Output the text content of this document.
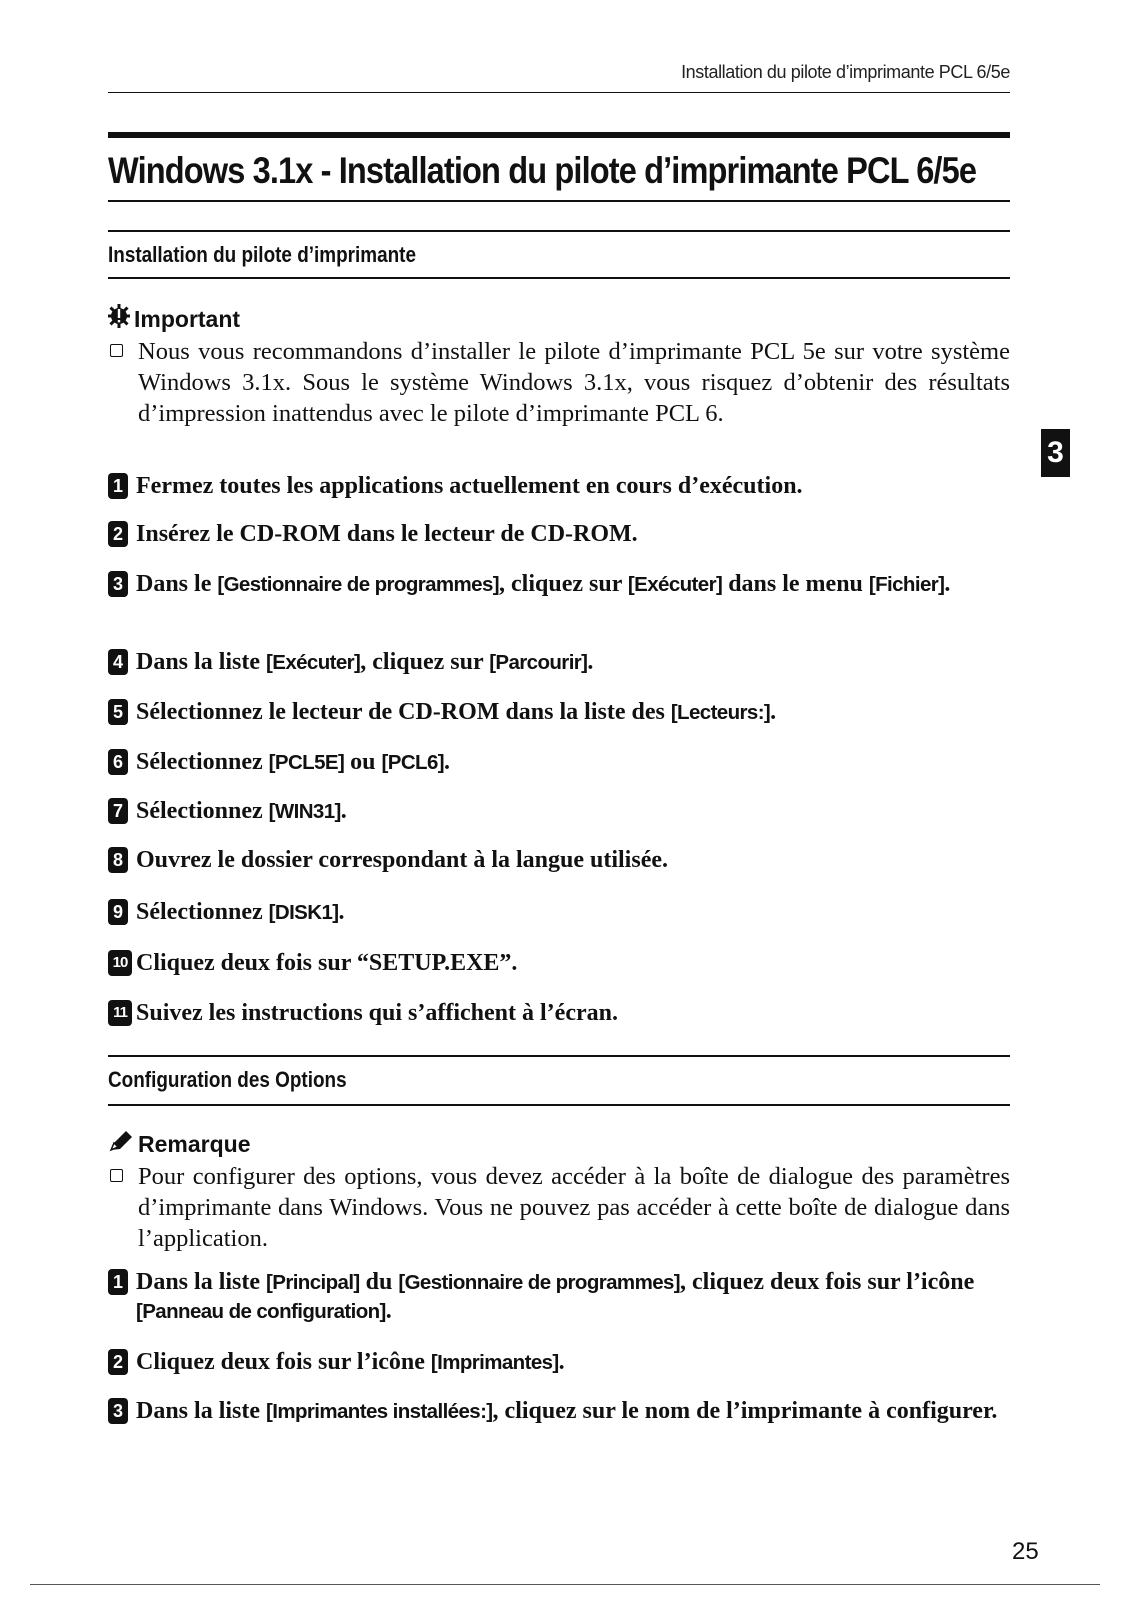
Installation du pilote d’imprimante PCL 6/5e
Windows 3.1x - Installation du pilote d’imprimante PCL 6/5e
Installation du pilote d’imprimante
Important
Nous vous recommandons d’installer le pilote d’imprimante PCL 5e sur votre système Windows 3.1x. Sous le système Windows 3.1x, vous risquez d’obtenir des résultats d’impression inattendus avec le pilote d’imprimante PCL 6.
1 Fermez toutes les applications actuellement en cours d’exécution.
2 Insérez le CD-ROM dans le lecteur de CD-ROM.
3 Dans le [Gestionnaire de programmes], cliquez sur [Exécuter] dans le menu [Fichier].
4 Dans la liste [Exécuter], cliquez sur [Parcourir].
5 Sélectionnez le lecteur de CD-ROM dans la liste des [Lecteurs:].
6 Sélectionnez [PCL5E] ou [PCL6].
7 Sélectionnez [WIN31].
8 Ouvrez le dossier correspondant à la langue utilisée.
9 Sélectionnez [DISK1].
10 Cliquez deux fois sur “SETUP.EXE”.
11 Suivez les instructions qui s’affichent à l’écran.
Configuration des Options
Remarque
Pour configurer des options, vous devez accéder à la boîte de dialogue des paramètres d’imprimante dans Windows. Vous ne pouvez pas accéder à cette boîte de dialogue dans l’application.
1 Dans la liste [Principal] du [Gestionnaire de programmes], cliquez deux fois sur l’icône [Panneau de configuration].
2 Cliquez deux fois sur l’icône [Imprimantes].
3 Dans la liste [Imprimantes installées:], cliquez sur le nom de l’imprimante à configurer.
3
25
